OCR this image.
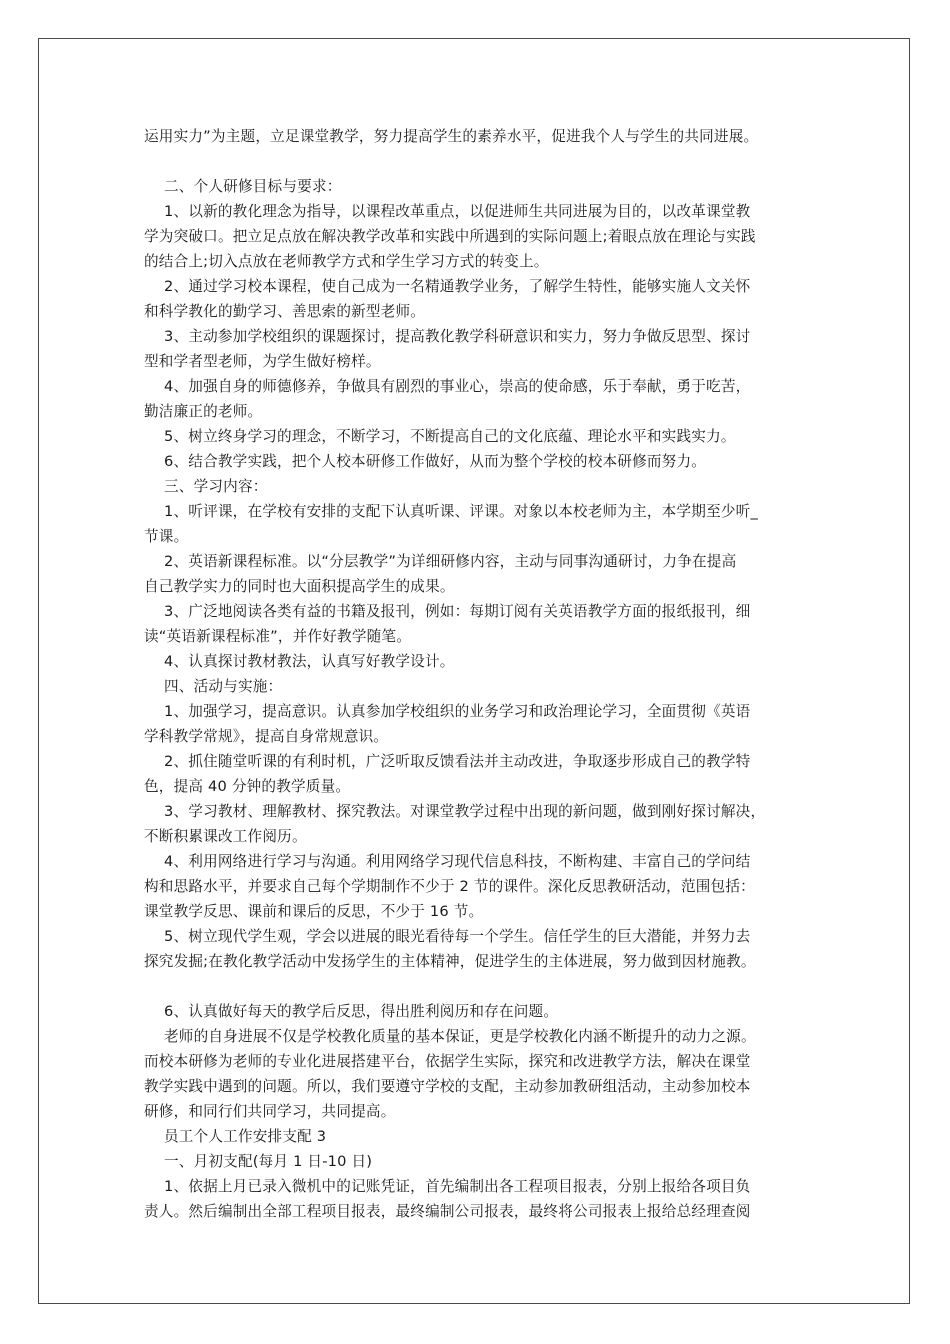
运用实力”为主题，立足课堂教学，努力提高学生的素养水平，促进我个人与学生的共同进展。
二、个人研修目标与要求：
1、以新的教化理念为指导，以课程改革重点，以促进师生共同进展为目的，以改革课堂教
学为突破口。把立足点放在解决教学改革和实践中所遇到的实际问题上;着眼点放在理论与实践
的结合上;切入点放在老师教学方式和学生学习方式的转变上。
2、通过学习校本课程，使自己成为一名精通教学业务，了解学生特性，能够实施人文关怀
和科学教化的勤学习、善思索的新型老师。
3、主动参加学校组织的课题探讨，提高教化教学科研意识和实力，努力争做反思型、探讨
型和学者型老师，为学生做好榜样。
4、加强自身的师德修养，争做具有剧烈的事业心，崇高的使命感，乐于奉献，勇于吃苦，
勤洁廉正的老师。
5、树立终身学习的理念，不断学习，不断提高自己的文化底蕴、理论水平和实践实力。
6、结合教学实践，把个人校本研修工作做好，从而为整个学校的校本研修而努力。
三、学习内容：
1、听评课，在学校有安排的支配下认真听课、评课。对象以本校老师为主，本学期至少听_
节课。
2、英语新课程标准。以“分层教学”为详细研修内容，主动与同事沟通研讨，力争在提高
自己教学实力的同时也大面积提高学生的成果。
3、广泛地阅读各类有益的书籍及报刊，例如：每期订阅有关英语教学方面的报纸报刊，细
读“英语新课程标准”，并作好教学随笔。
4、认真探讨教材教法，认真写好教学设计。
四、活动与实施：
1、加强学习，提高意识。认真参加学校组织的业务学习和政治理论学习，全面贯彻《英语
学科教学常规》，提高自身常规意识。
2、抓住随堂听课的有利时机，广泛听取反馈看法并主动改进，争取逐步形成自己的教学特
色，提高 40 分钟的教学质量。
3、学习教材、理解教材、探究教法。对课堂教学过程中出现的新问题，做到刚好探讨解决，
不断积累课改工作阅历。
4、利用网络进行学习与沟通。利用网络学习现代信息科技，不断构建、丰富自己的学问结
构和思路水平，并要求自己每个学期制作不少于 2 节的课件。深化反思教研活动，范围包括：
课堂教学反思、课前和课后的反思，不少于 16 节。
5、树立现代学生观，学会以进展的眼光看待每一个学生。信任学生的巨大潜能，并努力去
探究发掘;在教化教学活动中发扬学生的主体精神，促进学生的主体进展，努力做到因材施教。
6、认真做好每天的教学后反思，得出胜利阅历和存在问题。
老师的自身进展不仅是学校教化质量的基本保证，更是学校教化内涵不断提升的动力之源。
而校本研修为老师的专业化进展搭建平台，依据学生实际，探究和改进教学方法，解决在课堂
教学实践中遇到的问题。所以，我们要遵守学校的支配，主动参加教研组活动，主动参加校本
研修，和同行们共同学习，共同提高。
员工个人工作安排支配 3
一、月初支配(每月 1 日-10 日)
1、依据上月已录入微机中的记账凭证，首先编制出各工程项目报表，分别上报给各项目负
责人。然后编制出全部工程项目报表，最终编制公司报表，最终将公司报表上报给总经理查阅
